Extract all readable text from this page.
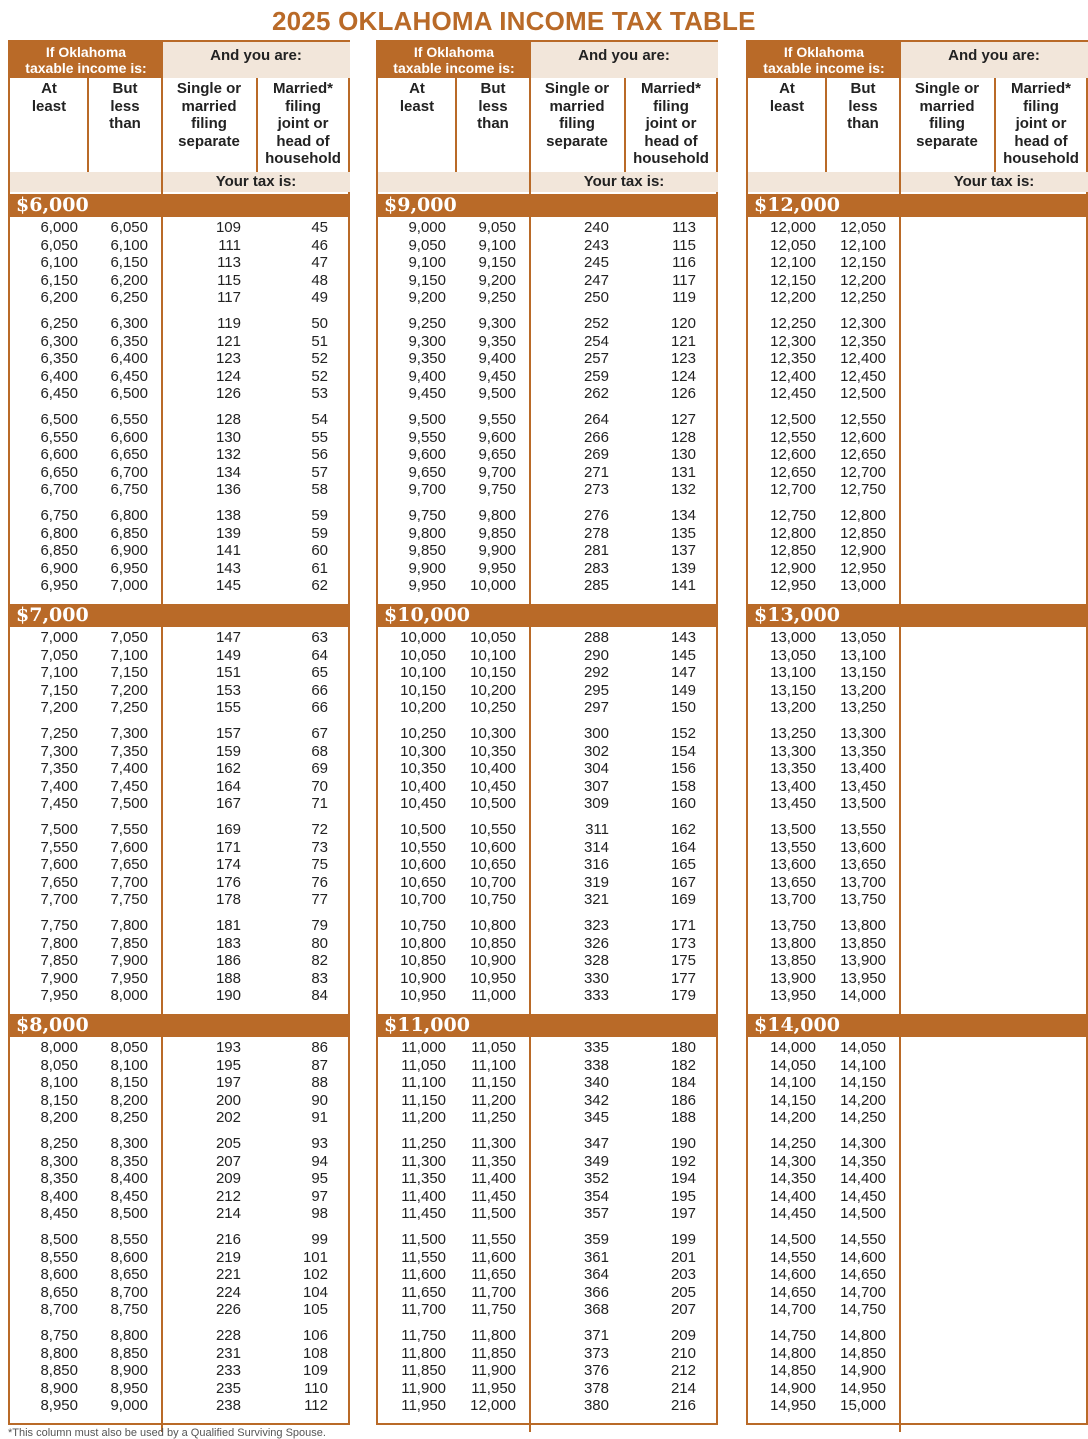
2025 OKLAHOMA INCOME TAX TABLE
If Oklahoma
taxable income is:
And you are:
At
least
But
less
than
Single or
married
filing
separate
Married*
filing
joint or
head of
household
Your tax is:
$6,000
6,000 6,050	109	45
6,050 6,100	111	46
6,100 6,150	113	47
6,150 6,200	115	48
6,200 6,250	117	49
6,250 6,300	119	50
6,300 6,350	121	51
6,350 6,400	123	52
6,400 6,450	124	52
6,450 6,500	126	53
6,500 6,550	128	54
6,550 6,600	130	55
6,600 6,650	132	56
6,650 6,700	134	57
6,700 6,750	136	58
6,750 6,800	138	59
6,800 6,850	139	59
6,850 6,900	141	60
6,900 6,950	143	61
6,950 7,000	145	62
$7,000
7,000 7,050	147	63
7,050 7,100	149	64
7,100 7,150	151	65
7,150 7,200	153	66
7,200 7,250	155	66
7,250 7,300	157	67
7,300 7,350	159	68
7,350 7,400	162	69
7,400 7,450	164	70
7,450 7,500	167	71
7,500 7,550	169	72
7,550 7,600	171	73
7,600 7,650	174	75
7,650 7,700	176	76
7,700 7,750	178	77
7,750 7,800	181	79
7,800 7,850	183	80
7,850 7,900	186	82
7,900 7,950	188	83
7,950 8,000	190	84
$8,000
8,000 8,050	193	86
8,050 8,100	195	87
8,100 8,150	197	88
8,150 8,200	200	90
8,200 8,250	202	91
8,250 8,300	205	93
8,300 8,350	207	94
8,350 8,400	209	95
8,400 8,450	212	97
8,450 8,500	214	98
8,500 8,550	216	99
8,550 8,600	219	101
8,600 8,650	221	102
8,650 8,700	224	104
8,700 8,750	226	105
8,750 8,800	228	106
8,800 8,850	231	108
8,850 8,900	233	109
8,900 8,950	235	110
8,950 9,000	238	112
If Oklahoma
taxable income is:
And you are:
At
least
But
less
than
Single or
married
filing
separate
Married*
filing
joint or
head of
household
Your tax is:
$9,000
9,000 9,050	240	113
9,050 9,100	243	115
9,100 9,150	245	116
9,150 9,200	247	117
9,200 9,250	250	119
9,250 9,300	252	120
9,300 9,350	254	121
9,350 9,400	257	123
9,400 9,450	259	124
9,450 9,500	262	126
9,500 9,550	264	127
9,550 9,600	266	128
9,600 9,650	269	130
9,650 9,700	271	131
9,700 9,750	273	132
9,750 9,800	276	134
9,800 9,850	278	135
9,850 9,900	281	137
9,900 9,950	283	139
9,950 10,000	285	141
$10,000
10,000 10,050	288	143
10,050 10,100	290	145
10,100 10,150	292	147
10,150 10,200	295	149
10,200 10,250	297	150
10,250 10,300	300	152
10,300 10,350	302	154
10,350 10,400	304	156
10,400 10,450	307	158
10,450 10,500	309	160
10,500 10,550	311	162
10,550 10,600	314	164
10,600 10,650	316	165
10,650 10,700	319	167
10,700 10,750	321	169
10,750 10,800	323	171
10,800 10,850	326	173
10,850 10,900	328	175
10,900 10,950	330	177
10,950 11,000	333	179
$11,000
11,000 11,050	335	180
11,050 11,100	338	182
11,100 11,150	340	184
11,150 11,200	342	186
11,200 11,250	345	188
11,250 11,300	347	190
11,300 11,350	349	192
11,350 11,400	352	194
11,400 11,450	354	195
11,450 11,500	357	197
11,500 11,550	359	199
11,550 11,600	361	201
11,600 11,650	364	203
11,650 11,700	366	205
11,700 11,750	368	207
11,750 11,800	371	209
11,800 11,850	373	210
11,850 11,900	376	212
11,900 11,950	378	214
11,950 12,000	380	216
If Oklahoma
taxable income is:
And you are:
At
least
But
less
than
Single or
married
filing
separate
Married*
filing
joint or
head of
household
Your tax is:
$12,000
12,000 12,050
12,050 12,100
12,100 12,150
12,150 12,200
12,200 12,250
12,250 12,300
12,300 12,350
12,350 12,400
12,400 12,450
12,450 12,500
12,500 12,550
12,550 12,600
12,600 12,650
12,650 12,700
12,700 12,750
12,750 12,800
12,800 12,850
12,850 12,900
12,900 12,950
12,950 13,000
$13,000
13,000 13,050
13,050 13,100
13,100 13,150
13,150 13,200
13,200 13,250
13,250 13,300
13,300 13,350
13,350 13,400
13,400 13,450
13,450 13,500
13,500 13,550
13,550 13,600
13,600 13,650
13,650 13,700
13,700 13,750
13,750 13,800
13,800 13,850
13,850 13,900
13,900 13,950
13,950 14,000
$14,000
14,000 14,050
14,050 14,100
14,100 14,150
14,150 14,200
14,200 14,250
14,250 14,300
14,300 14,350
14,350 14,400
14,400 14,450
14,450 14,500
14,500 14,550
14,550 14,600
14,600 14,650
14,650 14,700
14,700 14,750
14,750 14,800
14,800 14,850
14,850 14,900
14,900 14,950
14,950 15,000
*This column must also be used by a Qualified Surviving Spouse.
